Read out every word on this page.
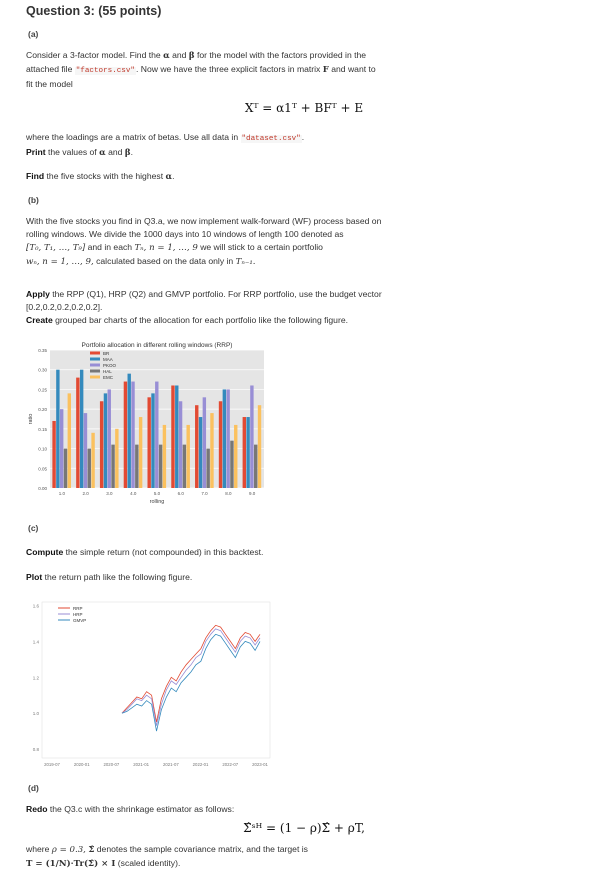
Question 3: (55 points)
(a)
Consider a 3-factor model. Find the α and β for the model with the factors provided in the
attached file "factors.csv". Now we have the three explicit factors in matrix F and want to
fit the model
Xᵀ = α1ᵀ + BFᵀ + E
where the loadings are a matrix of betas. Use all data in "dataset.csv".
Print the values of α and β.
Find the five stocks with the highest α.
(b)
With the five stocks you find in Q3.a, we now implement walk-forward (WF) process based on
rolling windows. We divide the 1000 days into 10 windows of length 100 denoted as
[T₀, T₁, …, T₉] and in each Tₙ, n = 1, …, 9 we will stick to a certain portfolio
wₙ, n = 1, …, 9, calculated based on the data only in Tₙ₋₁.
Apply the RPP (Q1), HRP (Q2) and GMVP portfolio. For RRP portfolio, use the budget vector
[0.2,0.2,0.2,0.2,0.2].
Create grouped bar charts of the allocation for each portfolio like the following figure.
Portfolio allocation in different rolling windows (RRP)
0.00
0.05
0.10
0.15
0.20
0.25
0.30
0.35
1.0	2.0	3.0	4.0	5.0	6.0	7.0	8.0	9.0
rolling
ratio
BR
MAA
PKOO
HAL
EMC
(c)
Compute the simple return (not compounded) in this backtest.
Plot the return path like the following figure.
0.8
1.0
1.2
1.4
1.6
2019-07	2020-01	2020-07	2021-01	2021-07	2022-01	2022-07	2023-01
RRP
HRP
GMVP
(d)
Redo the Q3.c with the shrinkage estimator as follows:
Σ̂ˢᴴ = (1 − ρ)Σ̂ + ρT,
where ρ = 0.3, Σ̂ denotes the sample covariance matrix, and the target is
T = (1/N)·Tr(Σ̂) × I (scaled identity).
